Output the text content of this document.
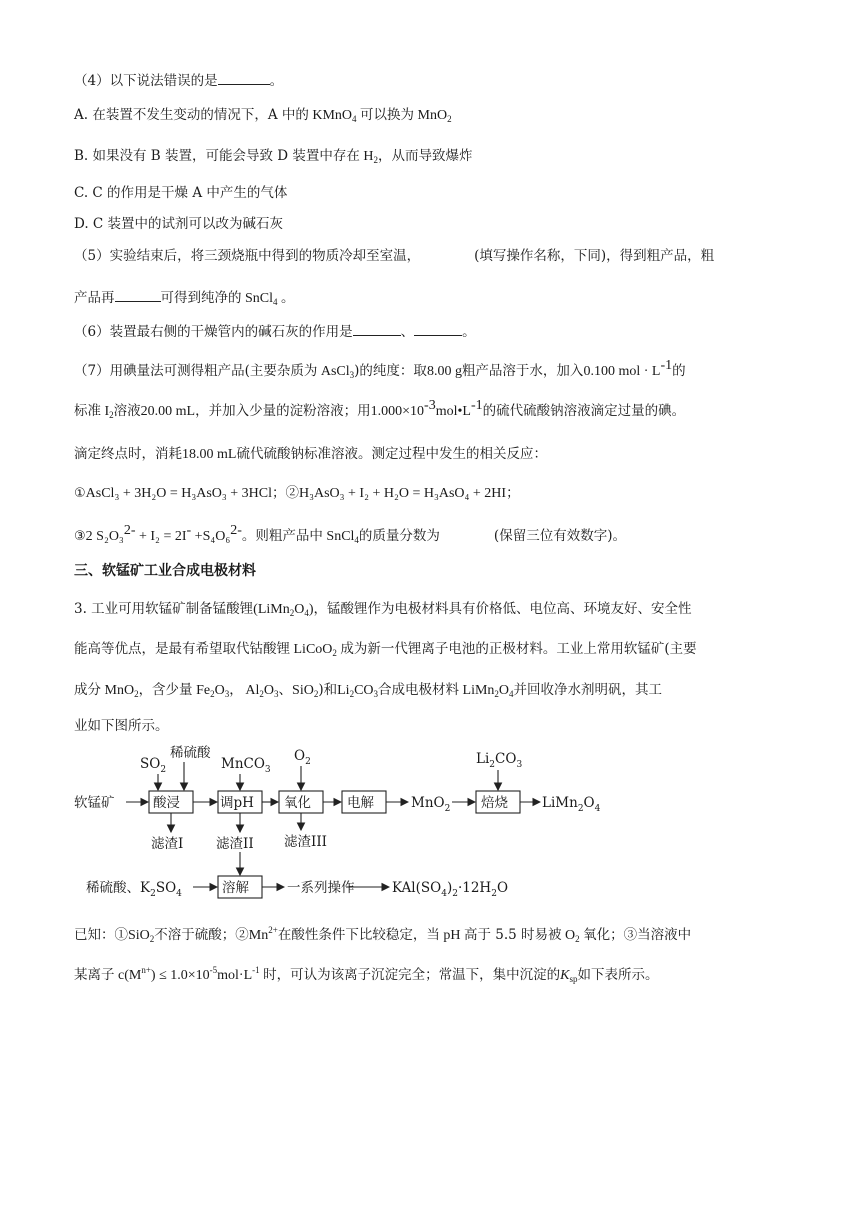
（4）以下说法错误的是	。
A. 在装置不发生变动的情况下，A 中的 KMnO$_4$ 可以换为 MnO$_2$
B. 如果没有 B 装置，可能会导致 D 装置中存在 $H_2$，从而导致爆炸
C. C 的作用是干燥 A 中产生的气体
D. C 装置中的试剂可以改为碱石灰
（5）实验结束后，将三颈烧瓶中得到的物质冷却至室温，	(填写操作名称，下同)，得到粗产品，粗
产品再	可得到纯净的 SnCl$_4$ 。
（6）装置最右侧的干燥管内的碱石灰的作用是	、	。
（7）用碘量法可测得粗产品(主要杂质为 AsCl$_3$)的纯度：取8.00 g粗产品溶于水，加入0.100 mol · $L^{-1}$的
标准 $I_2$溶液20.00 mL，并加入少量的淀粉溶液；用$1.000\times 10^{-3}mol•L^{-1}$的硫代硫酸钠溶液滴定过量的碘。
滴定终点时，消耗18.00 mL硫代硫酸钠标准溶液。测定过程中发生的相关反应：
①AsCl₃ + 3H₂O = H₃AsO₃ + 3HCl；②H₃AsO₃ + I₂ + H₂O = H₃AsO₄ + 2HI；
③2 S₂O₃$^{2-}$ + I₂ = 2I- +S₄O₆$^{2-}$。则粗产品中 SnCl$_4$的质量分数为	(保留三位有效数字)。
三、软锰矿工业合成电极材料
3. 工业可用软锰矿制备锰酸锂$(LiMn_2O_4)$，锰酸锂作为电极材料具有价格低、电位高、环境友好、安全性
能高等优点，是最有希望取代钴酸锂 LiCoO$_2$ 成为新一代锂离子电池的正极材料。工业上常用软锰矿(主要
成分 MnO$_2$，含少量 $Fe_2O_3$， $Al_2O_3$、SiO$_2$)和$Li_2CO_3$合成电极材料 $LiMn_2O_4$并回收净水剂明矾，其工
业如下图所示。
$SO_2$
稀硫酸
MnCO$_3$
$O_2$	$Li_2CO_3$
软锰矿	酸浸	调pH 氧化	电解	MnO$_2$ 焙烧	$LiMn_2O_4$
滤渣I 滤渣II 滤渣III
稀硫酸、$K_2SO_4$	溶解	一系列操作	$KAl(SO_4)_2\cdot 12H_2O$
已知：①SiO$_2$不溶于硫酸；$②Mn^{2+}$在酸性条件下比较稳定，当 pH 高于 5.5 时易被 $O_2$ 氧化；③当溶液中
某离子 $c(M^{n+}) \le 1.0\times 10^{-5}mol\cdot L^{-1}$ 时，可认为该离子沉淀完全；常温下，集中沉淀的$K_{sp}$如下表所示。
